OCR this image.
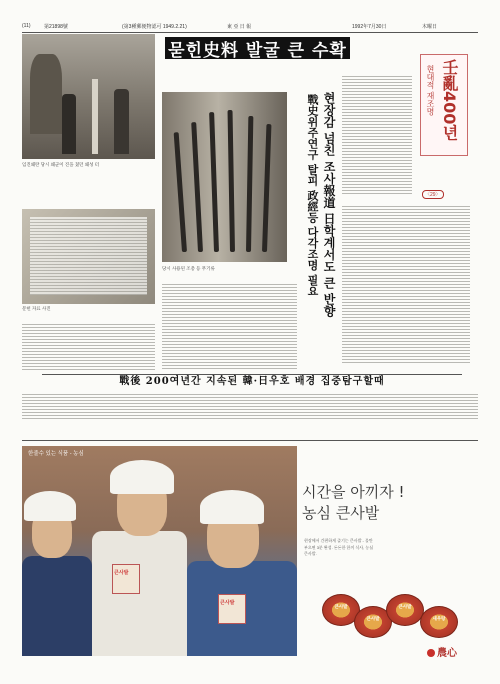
(11)	第21898號	(第3種郵便物認可 1949.2.21)	東 亞 日 報	1992年7月30日	木曜日
묻힌史料 발굴 큰 수확
임진왜란 당시 왜군이 진을 쳤던 왜성 터
문헌 자료 사진
당시 사용된 조총 등 무기류	현장감 넘친 조사報道 日학계서도 큰 반향
戰史위주연구 탈피 政經등 다각조명 필요	壬亂400년
현대적 재조명
〈29〉
戰後 200여년간 지속된 韓·日우호 배경 집중탐구할때
한줄수 있는 식품 - 농심
큰사발
큰사발
시간을 아끼자 !
농심 큰사발
현장에서 간편하게 즐기는 큰사발 - 물만 부으면 3분 완성. 든든한 한끼 식사, 농심 큰사발.
큰사발
큰사발
큰사발
새우탕
農心
